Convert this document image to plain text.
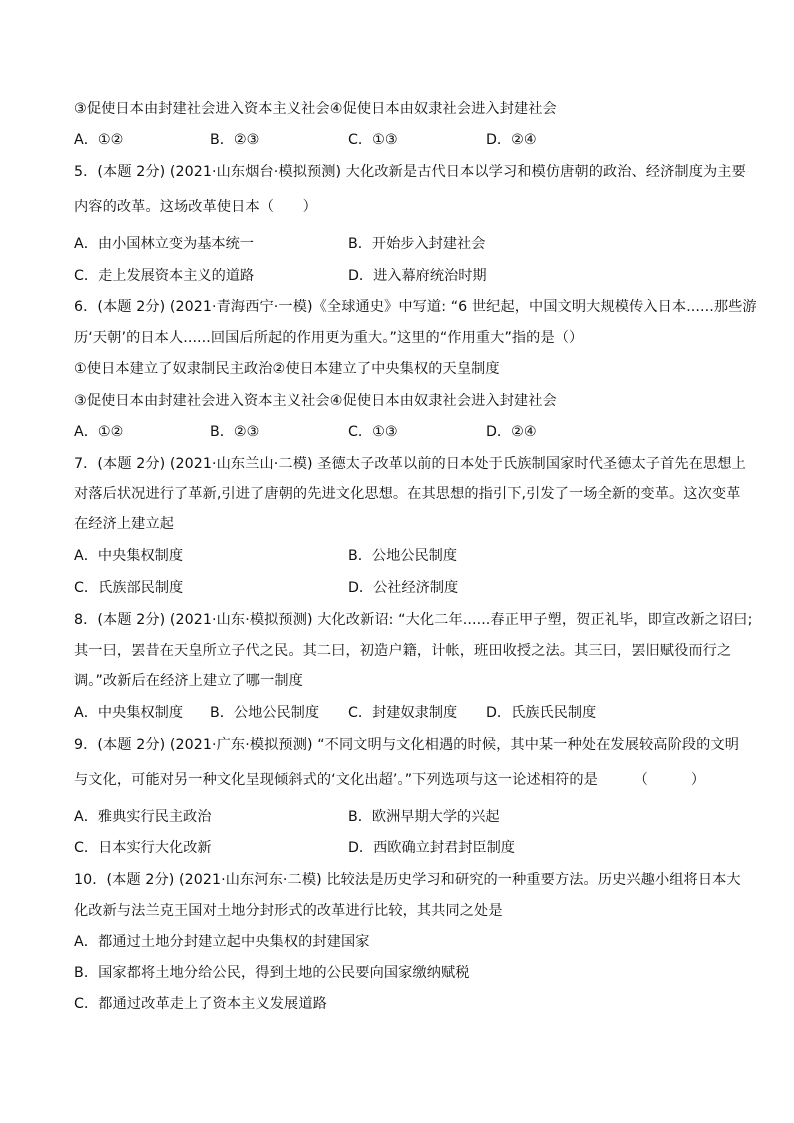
③促使日本由封建社会进入资本主义社会④促使日本由奴隶社会进入封建社会
A．①②	B．②③	C．①③	D．②④
5．(本题 2分) (2021·山东烟台·模拟预测) 大化改新是古代日本以学习和模仿唐朝的政治、经济制度为主要
内容的改革。这场改革使日本（　　）
A．由小国林立变为基本统一	B．开始步入封建社会
C．走上发展资本主义的道路	D．进入幕府统治时期
6．(本题 2分) (2021·青海西宁·一模)《全球通史》中写道: “6 世纪起，中国文明大规模传入日本......那些游
历‘天朝’的日本人......回国后所起的作用更为重大。”这里的“作用重大”指的是（）
①使日本建立了奴隶制民主政治②使日本建立了中央集权的天皇制度
③促使日本由封建社会进入资本主义社会④促使日本由奴隶社会进入封建社会
A．①②	B．②③	C．①③	D．②④
7．(本题 2分) (2021·山东兰山·二模) 圣德太子改革以前的日本处于氏族制国家时代圣德太子首先在思想上
对落后状况进行了革新,引进了唐朝的先进文化思想。在其思想的指引下,引发了一场全新的变革。这次变革
在经济上建立起
A．中央集权制度	B．公地公民制度
C．氏族部民制度	D．公社经济制度
8．(本题 2分) (2021·山东·模拟预测) 大化改新诏: “大化二年......春正甲子塑，贺正礼毕，即宣改新之诏曰;
其一曰，罢昔在天皇所立子代之民。其二曰，初造户籍，计帐，班田收授之法。其三曰，罢旧赋役而行之
调。”改新后在经济上建立了哪一制度
A．中央集权制度 B．公地公民制度 C．封建奴隶制度 D．氏族氏民制度
9．(本题 2分) (2021·广东·模拟预测) “不同文明与文化相遇的时候，其中某一种处在发展较高阶段的文明
与文化，可能对另一种文化呈现倾斜式的‘文化出超’。”下列选项与这一论述相符的是　　　（　　　）
A．雅典实行民主政治	B．欧洲早期大学的兴起
C．日本实行大化改新	D．西欧确立封君封臣制度
10．(本题 2分) (2021·山东河东·二模) 比较法是历史学习和研究的一种重要方法。历史兴趣小组将日本大
化改新与法兰克王国对土地分封形式的改革进行比较，其共同之处是
A．都通过土地分封建立起中央集权的封建国家
B．国家都将土地分给公民，得到土地的公民要向国家缴纳赋税
C．都通过改革走上了资本主义发展道路
